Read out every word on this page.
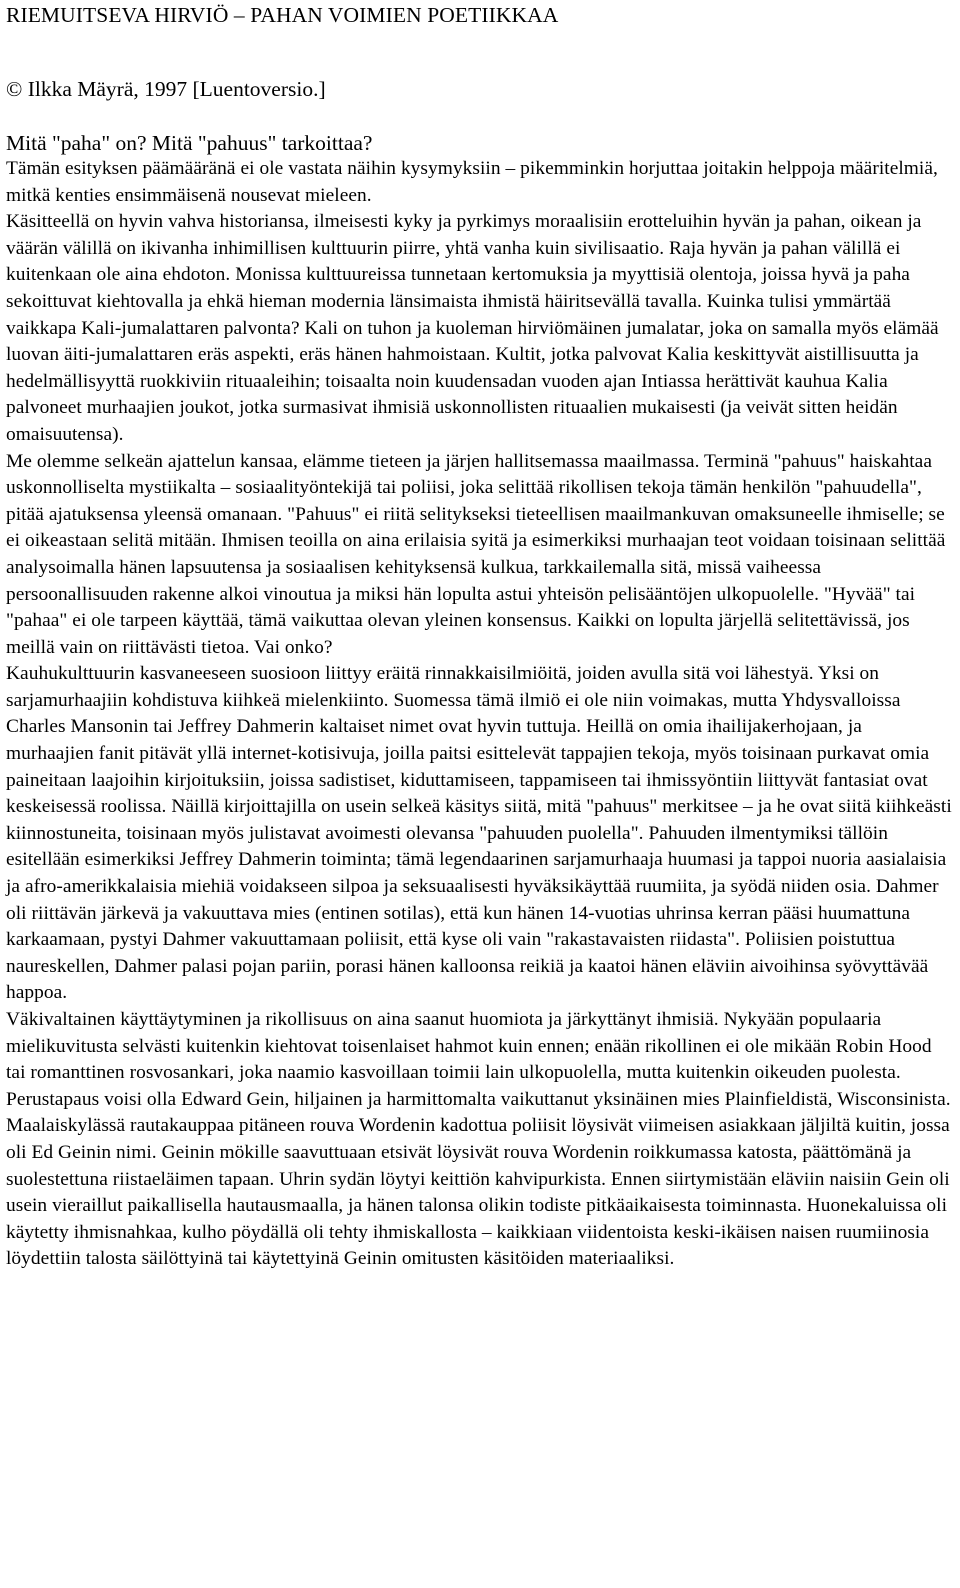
RIEMUITSEVA HIRVIÖ – PAHAN VOIMIEN POETIIKKAA
© Ilkka Mäyrä, 1997 [Luentoversio.]
Mitä "paha" on? Mitä "pahuus" tarkoittaa?

Tämän esityksen päämääränä ei ole vastata näihin kysymyksiin – pikemminkin horjuttaa joitakin helppoja määritelmiä, mitkä kenties ensimmäisenä nousevat mieleen.

Käsitteellä on hyvin vahva historiansa, ilmeisesti kyky ja pyrkimys moraalisiin erotteluihin hyvän ja pahan, oikean ja väärän välillä on ikivanha inhimillisen kulttuurin piirre, yhtä vanha kuin sivilisaatio. Raja hyvän ja pahan välillä ei kuitenkaan ole aina ehdoton. Monissa kulttuureissa tunnetaan kertomuksia ja myyttisiä olentoja, joissa hyvä ja paha sekoittuvat kiehtovalla ja ehkä hieman modernia länsimaista ihmistä häiritsevällä tavalla. Kuinka tulisi ymmärtää vaikkapa Kali-jumalattaren palvonta? Kali on tuhon ja kuoleman hirviömäinen jumalatar, joka on samalla myös elämää luovan äiti-jumalattaren eräs aspekti, eräs hänen hahmoistaan. Kultit, jotka palvovat Kalia keskittyvät aistillisuutta ja hedelmällisyyttä ruokkiviin rituaaleihin; toisaalta noin kuudensadan vuoden ajan Intiassa herättivät kauhua Kalia palvoneet murhaajien joukot, jotka surmasivat ihmisiä uskonnollisten rituaalien mukaisesti (ja veivät sitten heidän omaisuutensa).

Me olemme selkeän ajattelun kansaa, elämme tieteen ja järjen hallitsemassa maailmassa. Terminä "pahuus" haiskahtaa uskonnolliselta mystiikalta – sosiaalityöntekijä tai poliisi, joka selittää rikollisen tekoja tämän henkilön "pahuudella", pitää ajatuksensa yleensä omanaan. "Pahuus" ei riitä selitykseksi tieteellisen maailmankuvan omaksuneelle ihmiselle; se ei oikeastaan selitä mitään. Ihmisen teoilla on aina erilaisia syitä ja esimerkiksi murhaajan teot voidaan toisinaan selittää analysoimalla hänen lapsuutensa ja sosiaalisen kehityksensä kulkua, tarkkailemalla sitä, missä vaiheessa persoonallisuuden rakenne alkoi vinoutua ja miksi hän lopulta astui yhteisön pelisääntöjen ulkopuolelle. "Hyvää" tai "pahaa" ei ole tarpeen käyttää, tämä vaikuttaa olevan yleinen konsensus. Kaikki on lopulta järjellä selitettävissä, jos meillä vain on riittävästi tietoa. Vai onko?

Kauhukulttuurin kasvaneeseen suosioon liittyy eräitä rinnakkaisilmiöitä, joiden avulla sitä voi lähestyä. Yksi on sarjamurhaajiin kohdistuva kiihkeä mielenkiinto. Suomessa tämä ilmiö ei ole niin voimakas, mutta Yhdysvalloissa Charles Mansonin tai Jeffrey Dahmerin kaltaiset nimet ovat hyvin tuttuja. Heillä on omia ihailijakerhojaan, ja murhaajien fanit pitävät yllä internet-kotisivuja, joilla paitsi esittelevät tappajien tekoja, myös toisinaan purkavat omia paineitaan laajoihin kirjoituksiin, joissa sadistiset, kiduttamiseen, tappamiseen tai ihmissyöntiin liittyvät fantasiat ovat keskeisessä roolissa. Näillä kirjoittajilla on usein selkeä käsitys siitä, mitä "pahuus" merkitsee – ja he ovat siitä kiihkeästi kiinnostuneita, toisinaan myös julistavat avoimesti olevansa "pahuuden puolella". Pahuuden ilmentymiksi tällöin esitellään esimerkiksi Jeffrey Dahmerin toiminta; tämä legendaarinen sarjamurhaaja huumasi ja tappoi nuoria aasialaisia ja afro-amerikkalaisia miehiä voidakseen silpoa ja seksuaalisesti hyväksikäyttää ruumiita, ja syödä niiden osia. Dahmer oli riittävän järkevä ja vakuuttava mies (entinen sotilas), että kun hänen 14-vuotias uhrinsa kerran pääsi huumattuna karkaamaan, pystyi Dahmer vakuuttamaan poliisit, että kyse oli vain "rakastavaisten riidasta". Poliisien poistuttua naureskellen, Dahmer palasi pojan pariin, porasi hänen kalloonsa reikiä ja kaatoi hänen eläviin aivoihinsa syövyttävää happoa.

Väkivaltainen käyttäytyminen ja rikollisuus on aina saanut huomiota ja järkyttänyt ihmisiä. Nykyään populaaria mielikuvitusta selvästi kuitenkin kiehtovat toisenlaiset hahmot kuin ennen; enään rikollinen ei ole mikään Robin Hood tai romanttinen rosvosankari, joka naamio kasvoillaan toimii lain ulkopuolella, mutta kuitenkin oikeuden puolesta. Perustapaus voisi olla Edward Gein, hiljainen ja harmittomalta vaikuttanut yksinäinen mies Plainfieldistä, Wisconsinista. Maalaiskylässä rautakauppaa pitäneen rouva Wordenin kadottua poliisit löysivät viimeisen asiakkaan jäljiltä kuitin, jossa oli Ed Geinin nimi. Geinin mökille saavuttuaan etsivät löysivät rouva Wordenin roikkumassa katosta, päättömänä ja suolestettuna riistaeläimen tapaan. Uhrin sydän löytyi keittiön kahvipurkista. Ennen siirtymistään eläviin naisiin Gein oli usein vieraillut paikallisella hautausmaalla, ja hänen talonsa olikin todiste pitkäaikaisesta toiminnasta. Huonekaluissa oli käytetty ihmisnahkaa, kulho pöydällä oli tehty ihmiskallosta – kaikkiaan viidentoista keski-ikäisen naisen ruumiinosia löydettiin talosta säilöttyinä tai käytettyinä Geinin omitusten käsitöiden materiaaliksi.
